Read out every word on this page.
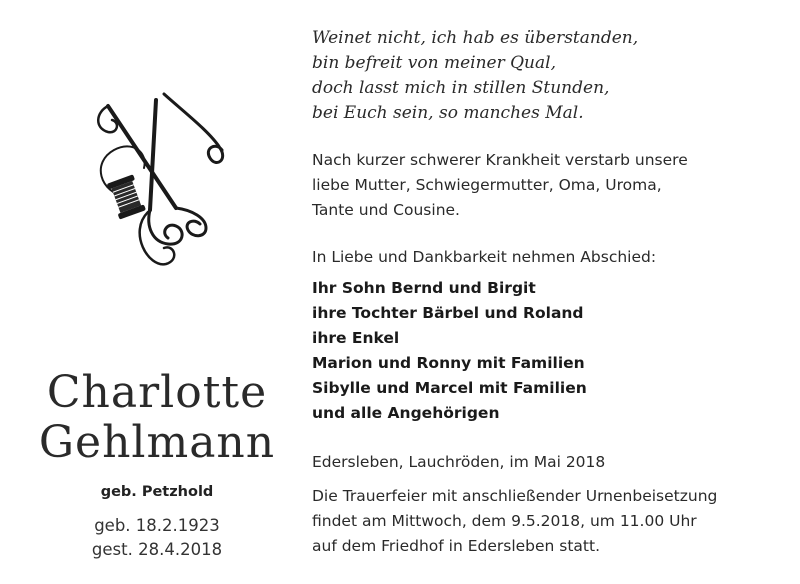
Charlotte
Gehlmann
geb. Petzhold
geb. 18.2.1923
gest. 28.4.2018
Weinet nicht, ich hab es überstanden,
bin befreit von meiner Qual,
doch lasst mich in stillen Stunden,
bei Euch sein, so manches Mal.
Nach kurzer schwerer Krankheit verstarb unsere
liebe Mutter, Schwiegermutter, Oma, Uroma,
Tante und Cousine.
In Liebe und Dankbarkeit nehmen Abschied:
Ihr Sohn Bernd und Birgit
ihre Tochter Bärbel und Roland
ihre Enkel
Marion und Ronny mit Familien
Sibylle und Marcel mit Familien
und alle Angehörigen
Edersleben, Lauchröden, im Mai 2018
Die Trauerfeier mit anschließender Urnenbeisetzung
findet am Mittwoch, dem 9.5.2018, um 11.00 Uhr
auf dem Friedhof in Edersleben statt.
